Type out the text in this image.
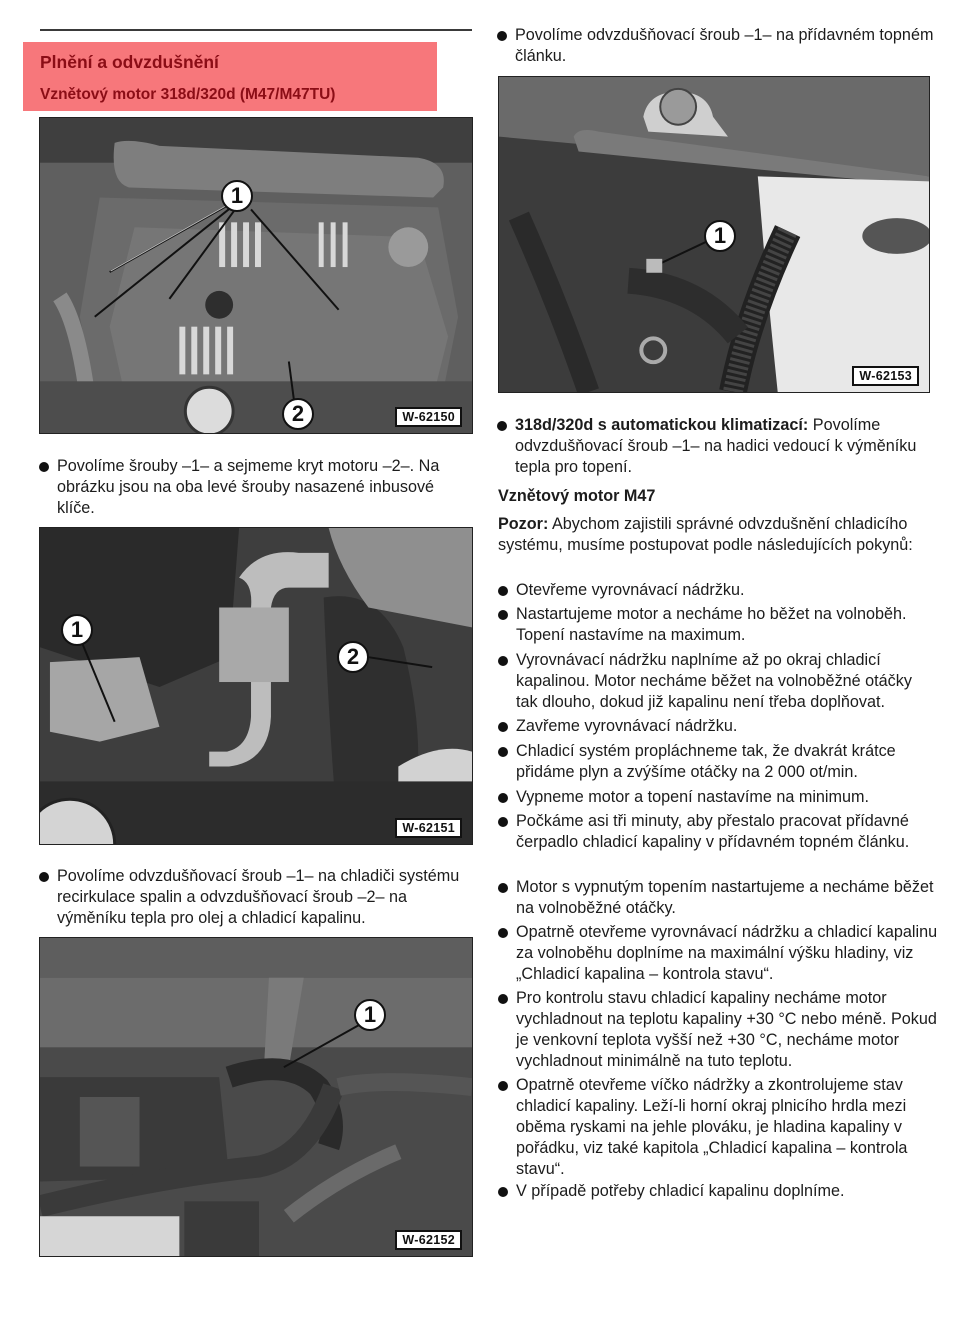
Plnění a odvzdušnění
Vznětový motor 318d/320d (M47/M47TU)
1
2	W-62150
Povolíme šrouby –1– a sejmeme kryt motoru –2–. Na obrázku jsou na oba levé šrouby nasazené inbusové klíče.
1
2
W-62151
Povolíme odvzdušňovací šroub –1– na chladiči systému recirkulace spalin a odvzdušňovací šroub –2– na výměníku tepla pro olej a chladicí kapalinu.
1
W-62152
Povolíme odvzdušňovací šroub –1– na přídavném topném článku.
1
W-62153
318d/320d s automatickou klimatizací: Povolíme odvzdušňovací šroub –1– na hadici vedoucí k výměníku tepla pro topení.
Vznětový motor M47
Pozor: Abychom zajistili správné odvzdušnění chladicího systému, musíme postupovat podle následujících pokynů:
Otevřeme vyrovnávací nádržku.
Nastartujeme motor a necháme ho běžet na volnoběh. Topení nastavíme na maximum.
Vyrovnávací nádržku naplníme až po okraj chladicí kapalinou. Motor necháme běžet na volnoběžné otáčky tak dlouho, dokud již kapalinu není třeba doplňovat.
Zavřeme vyrovnávací nádržku.
Chladicí systém propláchneme tak, že dvakrát krátce přidáme plyn a zvýšíme otáčky na 2 000 ot/min.
Vypneme motor a topení nastavíme na minimum.
Počkáme asi tři minuty, aby přestalo pracovat přídavné čerpadlo chladicí kapaliny v přídavném topném článku.
Motor s vypnutým topením nastartujeme a necháme běžet na volnoběžné otáčky.
Opatrně otevřeme vyrovnávací nádržku a chladicí kapalinu za volnoběhu doplníme na maximální výšku hladiny, viz „Chladicí kapalina – kontrola stavu“.
Pro kontrolu stavu chladicí kapaliny necháme motor vychladnout na teplotu kapaliny +30 °C nebo méně. Pokud je venkovní teplota vyšší než +30 °C, necháme motor vychladnout minimálně na tuto teplotu.
Opatrně otevřeme víčko nádržky a zkontrolujeme stav chladicí kapaliny. Leží-li horní okraj plnicího hrdla mezi oběma ryskami na jehle plováku, je hladina kapaliny v pořádku, viz také kapitola „Chladicí kapalina – kontrola stavu“.
V případě potřeby chladicí kapalinu doplníme.
